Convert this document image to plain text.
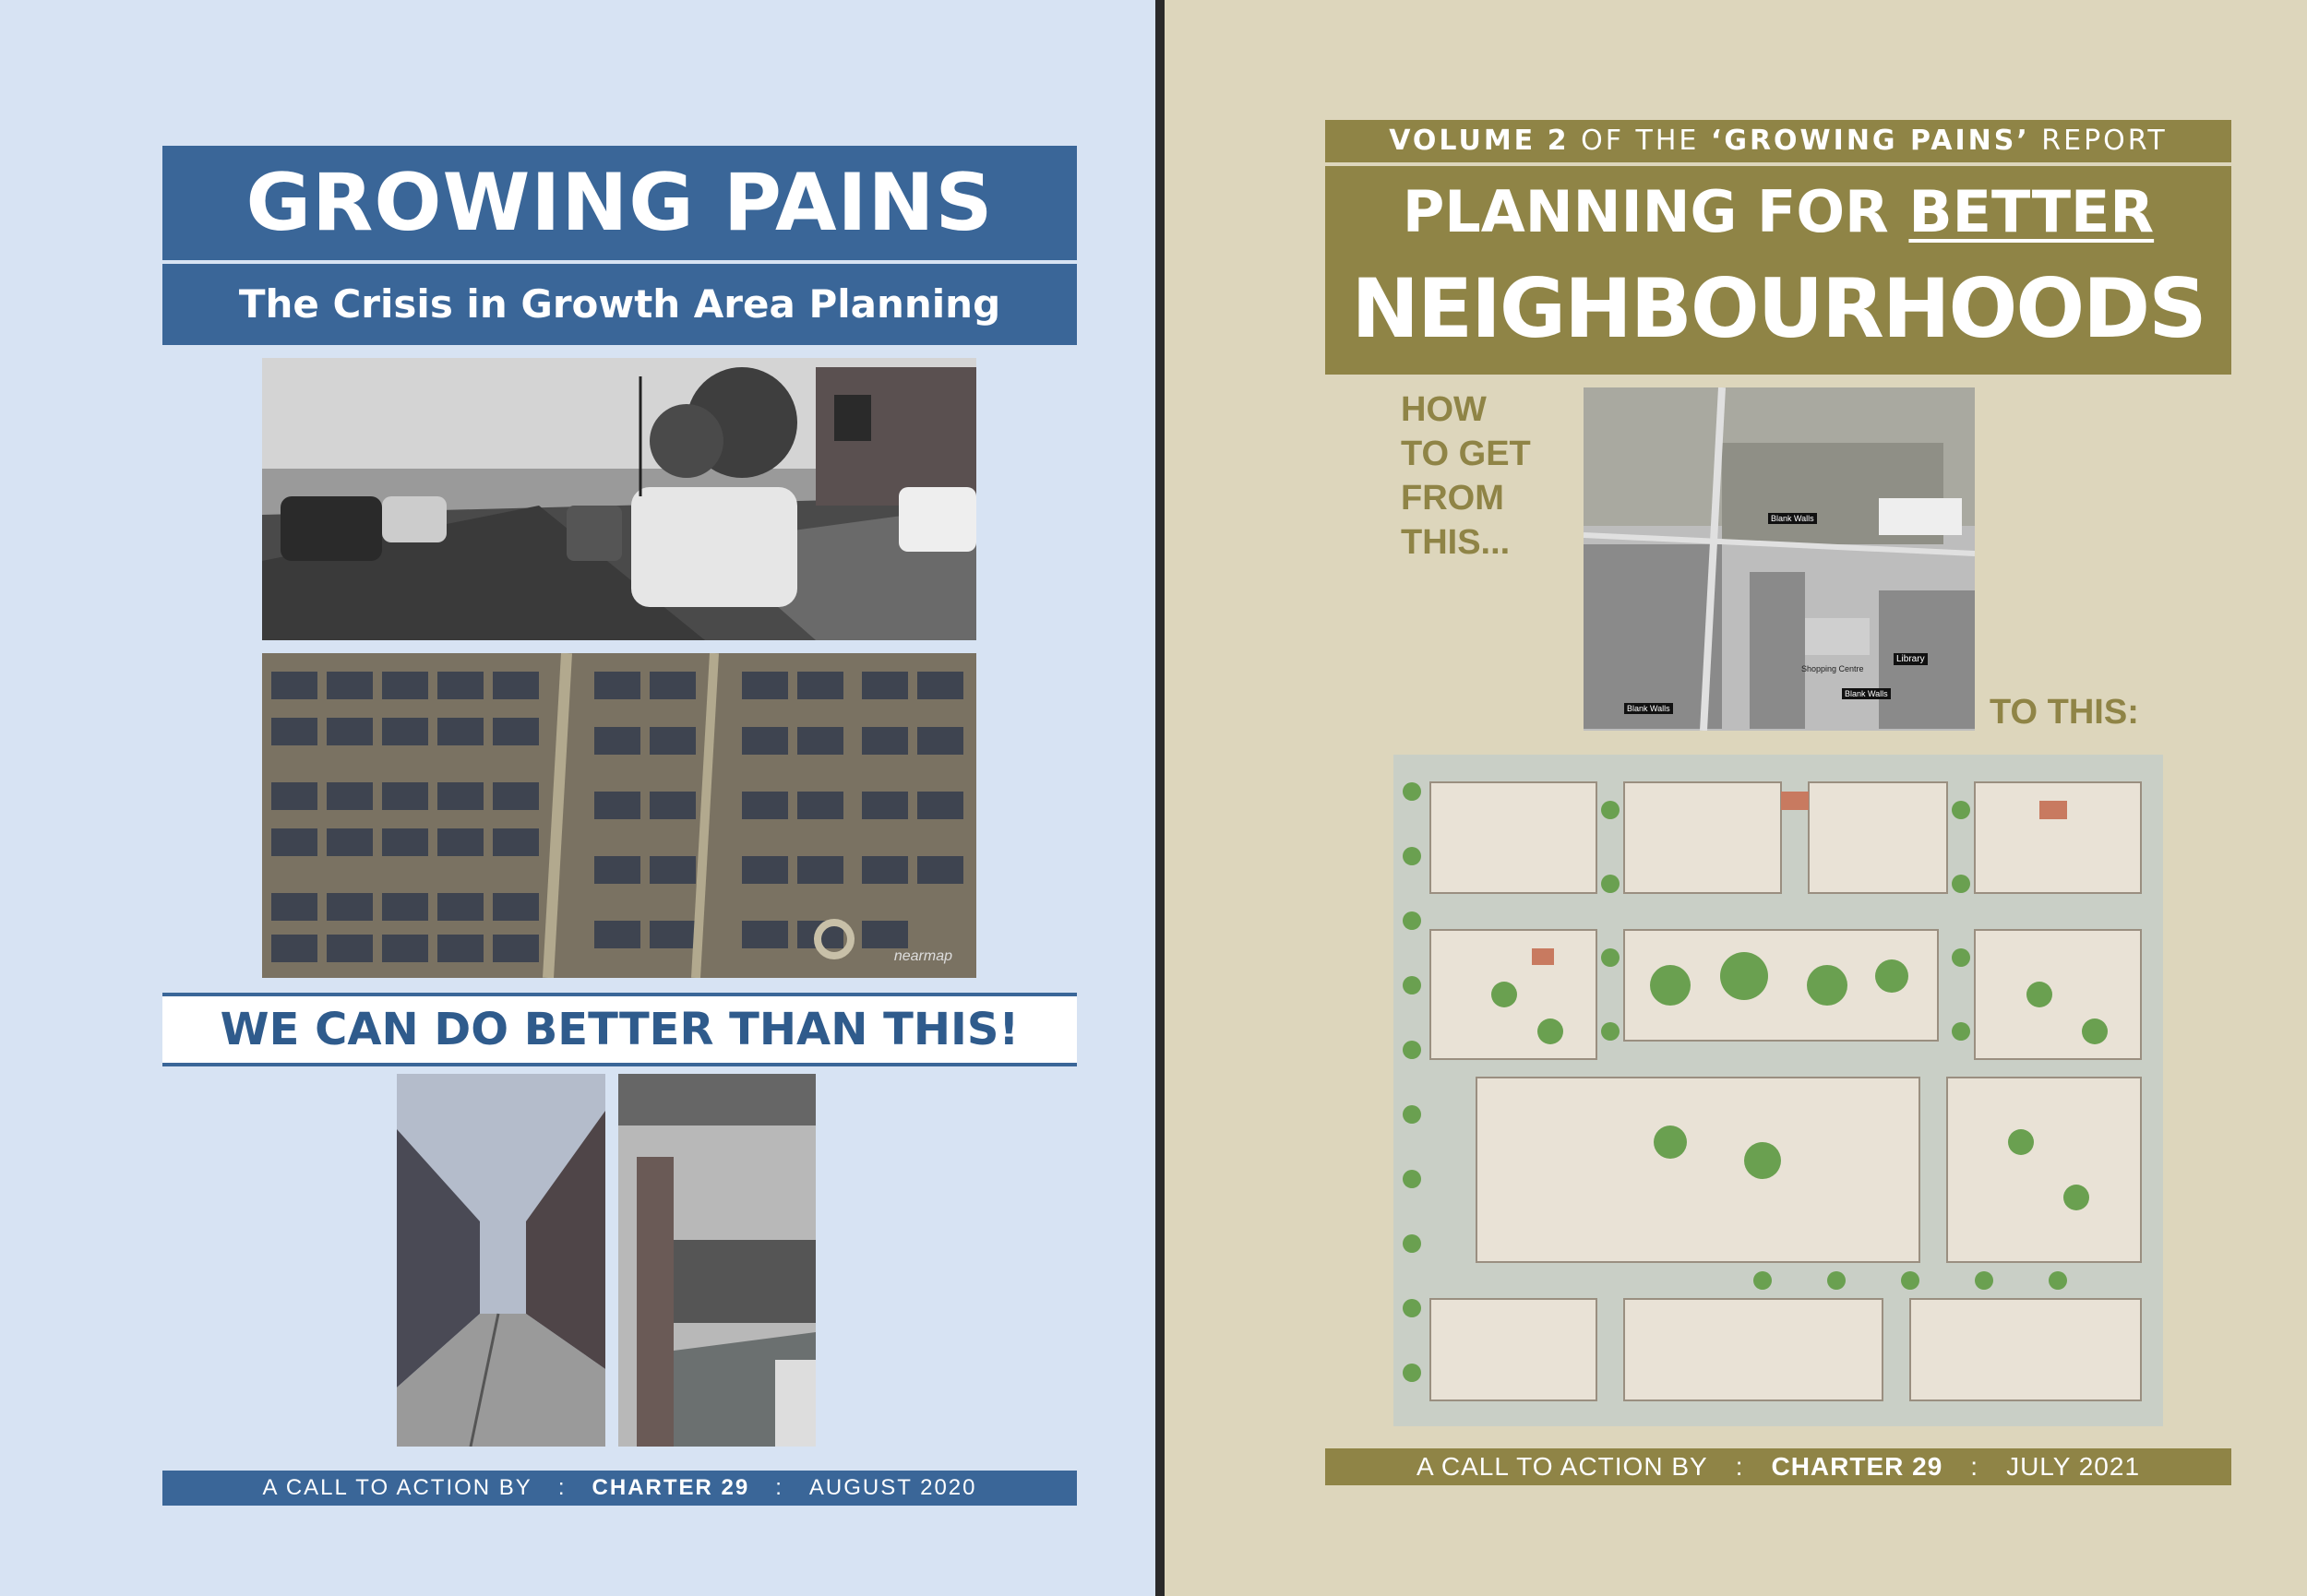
GROWING PAINS
The Crisis in Growth Area Planning
nearmap
WE CAN DO BETTER THAN THIS!
A CALL TO ACTION BY : CHARTER 29 : AUGUST 2020
VOLUME 2 OF THE ‘GROWING PAINS’ REPORT
PLANNING FOR BETTER
NEIGHBOURHOODS
HOW
TO GET
FROM
THIS...
Library
Shopping Centre
Blank Walls
Blank Walls
Blank Walls
TO THIS:
A CALL TO ACTION BY : CHARTER 29 : JULY 2021
